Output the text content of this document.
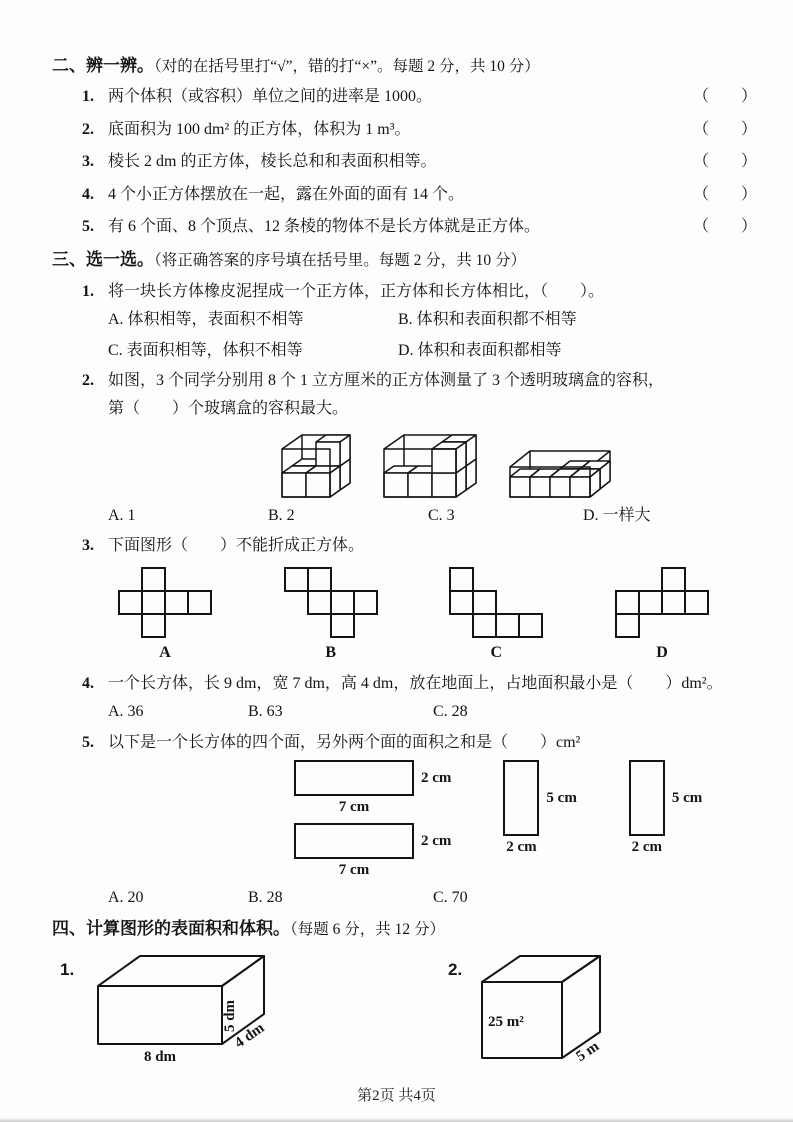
二、辨一辨。（对的在括号里打“√”，错的打“×”。每题 2 分，共 10 分）
1. 两个体积（或容积）单位之间的进率是 1000。	（　　）
2. 底面积为 100 dm² 的正方体，体积为 1 m³。	（　　）
3. 棱长 2 dm 的正方体，棱长总和和表面积相等。	（　　）
4. 4 个小正方体摆放在一起，露在外面的面有 14 个。	（　　）
5. 有 6 个面、8 个顶点、12 条棱的物体不是长方体就是正方体。	（　　）
三、选一选。（将正确答案的序号填在括号里。每题 2 分，共 10 分）
1. 将一块长方体橡皮泥捏成一个正方体，正方体和长方体相比，（　　）。
A. 体积相等，表面积不相等	B. 体积和表面积都不相等
C. 表面积相等，体积不相等	D. 体积和表面积都相等
2. 如图，3 个同学分别用 8 个 1 立方厘米的正方体测量了 3 个透明玻璃盒的容积，
第（　　）个玻璃盒的容积最大。
A. 1	B. 2	C. 3	D. 一样大
3. 下面图形（　　）不能折成正方体。
A	B	C	D
4. 一个长方体，长 9 dm，宽 7 dm，高 4 dm，放在地面上，占地面积最小是（　　）dm²。
A. 36	B. 63	C. 28
5. 以下是一个长方体的四个面，另外两个面的面积之和是（　　）cm²
2 cm
7 cm
2 cm
7 cm
5 cm
2 cm
5 cm
2 cm
A. 20	B. 28	C. 70
四、计算图形的表面积和体积。（每题 6 分，共 12 分）
1.
8 dm
5 dm
4 dm
2.
25 m²
5 m
第2页 共4页
